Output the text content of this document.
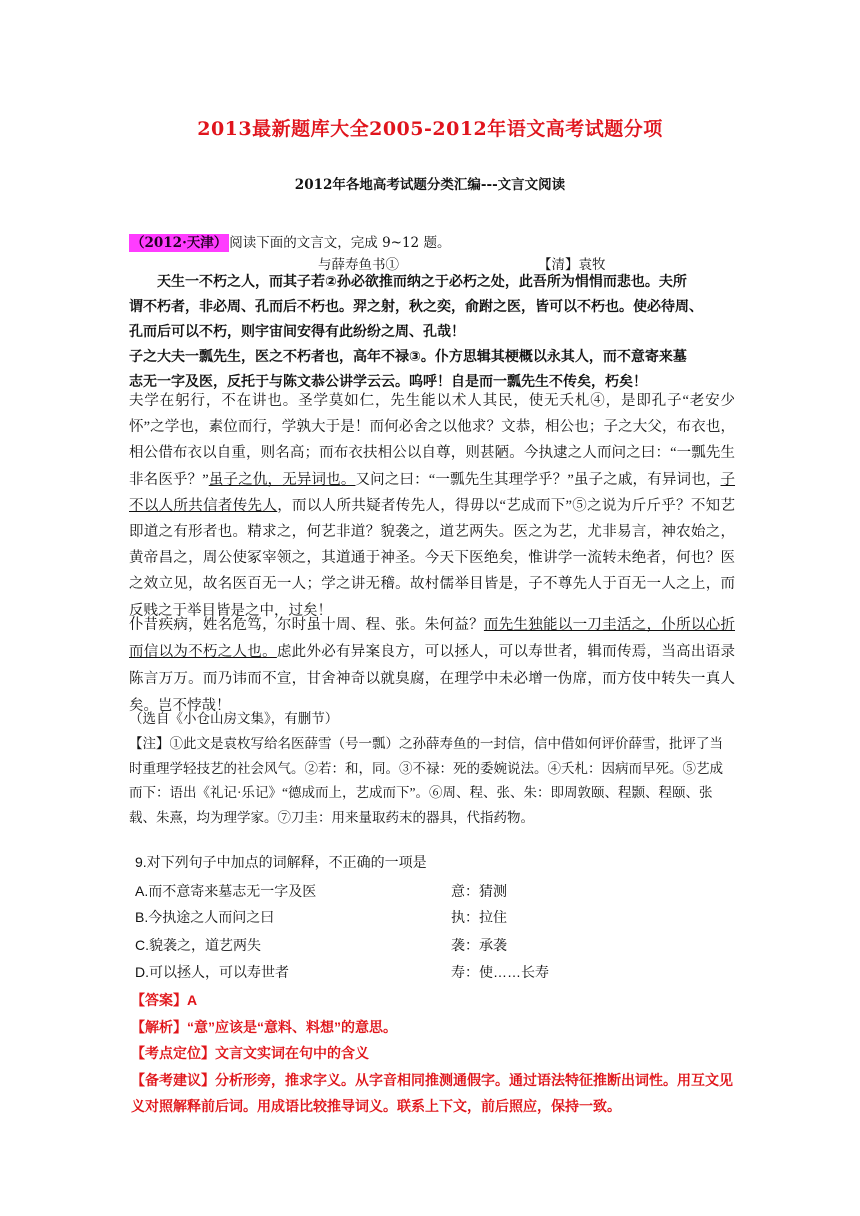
2013最新题库大全2005-2012年语文高考试题分项
2012年各地高考试题分类汇编---文言文阅读
（2012·天津） 阅读下面的文言文，完成 9~12 题。
与薛寿鱼书①	【清】袁牧
　　天生一不朽之人，而其子若②孙必欲推而纳之于必朽之处，此吾所为悁悁而悲也。夫所
谓不朽者，非必周、孔而后不朽也。羿之射，秋之奕，俞跗之医，皆可以不朽也。使必待周、
孔而后可以不朽，则宇宙间安得有此纷纷之周、孔哉！
子之大夫一瓢先生，医之不朽者也，高年不禄③。仆方思辑其梗概以永其人，而不意寄来墓
志无一字及医，反托于与陈文恭公讲学云云。呜呼！自是而一瓢先生不传矣，朽矣！
夫学在躬行，不在讲也。圣学莫如仁，先生能以术人其民，使无夭札④，是即孔子“老安少怀”之学也，素位而行，学孰大于是！而何必舍之以他求？文恭，相公也；子之大父，布衣也，相公借布衣以自重，则名高；而布衣扶相公以自尊，则甚陋。今执逮之人而问之曰：“一瓢先生非名医乎？”虽子之仇，无异词也。又问之曰：“一瓢先生其理学乎？”虽子之戚，有异词也，子不以人所共信者传先人，而以人所共疑者传先人，得毋以“艺成而下”⑤之说为斤斤乎？不知艺即道之有形者也。精求之，何艺非道？貌袭之，道艺两失。医之为艺，尤非易言，神农始之，黄帝昌之，周公使冢宰领之，其道通于神圣。今天下医绝矣，惟讲学一流转未绝者，何也？医之效立见，故名医百无一人；学之讲无稽。故村儒举目皆是，子不尊先人于百无一人之上，而反贱之于举目皆是之中，过矣！
仆昔疾病，姓名危笃，尔时虽十周、程、张。朱何益？而先生独能以一刀圭活之，仆所以心折而信以为不朽之人也。虑此外必有异案良方，可以拯人，可以寿世者，辑而传焉，当高出语录陈言万万。而乃讳而不宣，甘舍神奇以就臭腐，在理学中未必增一伪席，而方伎中转失一真人矣。岂不悖哉！
（选自《小仓山房文集》，有删节）
【注】①此文是袁枚写给名医薛雪（号一瓢）之孙薛寿鱼的一封信，信中借如何评价薛雪，批评了当时重理学轻技艺的社会风气。②若：和，同。③不禄：死的委婉说法。④夭札：因病而早死。⑤艺成而下：语出《礼记·乐记》“德成而上，艺成而下”。⑥周、程、张、朱：即周敦颐、程颢、程颐、张载、朱熹，均为理学家。⑦刀圭：用来量取药末的器具，代指药物。
9.对下列句子中加点的词解释，不正确的一项是
A.而不意寄来墓志无一字及医	意：猜测
B.今执途之人而问之曰	执：拉住
C.貌袭之，道艺两失	袭：承袭
D.可以拯人，可以寿世者	寿：使……长寿
【答案】A
【解析】“意”应该是“意料、料想”的意思。
【考点定位】文言文实词在句中的含义
【备考建议】分析形旁，推求字义。从字音相同推测通假字。通过语法特征推断出词性。用互文见义对照解释前后词。用成语比较推导词义。联系上下文，前后照应，保持一致。
